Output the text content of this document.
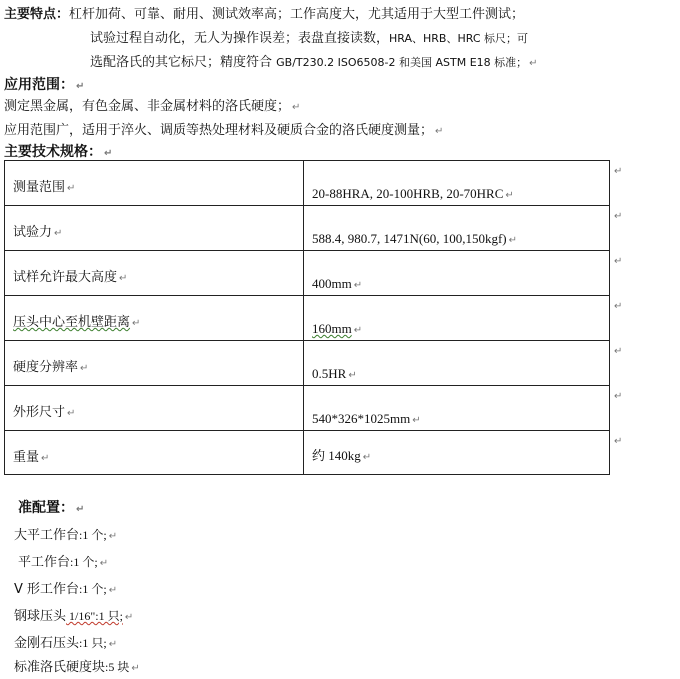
主要特点：杠杆加荷、可靠、耐用、测试效率高；工作高度大，尤其适用于大型工件测试；
试验过程自动化，无人为操作误差；表盘直接读数，HRA、HRB、HRC 标尺；可
选配洛氏的其它标尺；精度符合 GB/T230.2 ISO6508-2 和美国 ASTM E18 标准； ↵
应用范围： ↵
测定黑金属，有色金属、非金属材料的洛氏硬度； ↵
应用范围广，适用于淬火、调质等热处理材料及硬质合金的洛氏硬度测量； ↵
主要技术规格： ↵
测量范围 ↵	20-88HRA, 20-100HRB, 20-70HRC ↵
试验力 ↵	588.4, 980.7, 1471N(60, 100,150kgf) ↵
试样允许最大高度 ↵	400mm ↵
压头中心至机壁距离 ↵	160mm ↵
硬度分辨率 ↵	0.5HR ↵
外形尺寸 ↵	540*326*1025mm ↵
重量 ↵	约 140kg ↵
↵
↵
↵
↵
↵
↵
↵
准配置： ↵
大平工作台:1 个; ↵
平工作台:1 个; ↵
V 形工作台:1 个; ↵
钢球压头 1/16":1 只; ↵
金刚石压头:1 只; ↵
标准洛氏硬度块:5 块 ↵
